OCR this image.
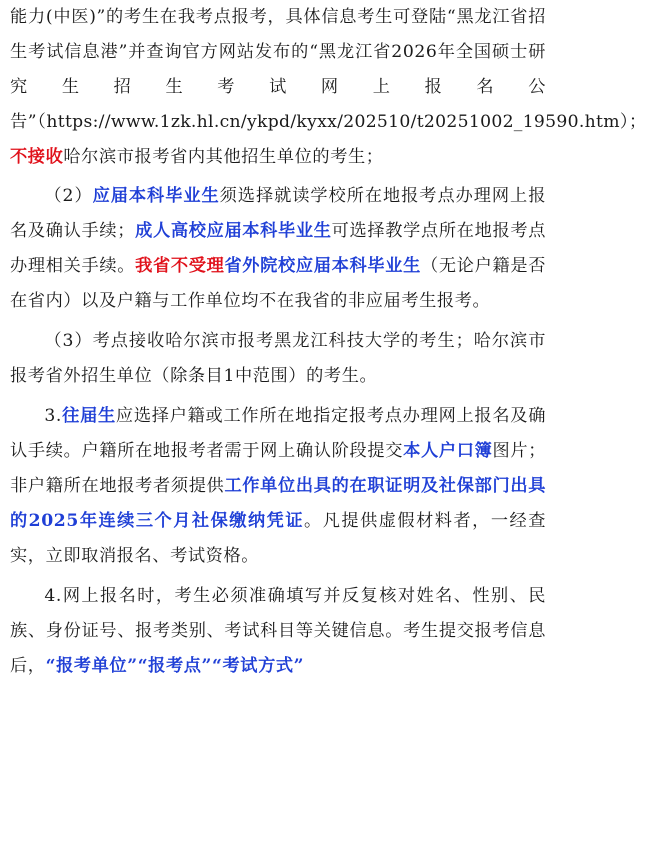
能力(中医)”的考生在我考点报考，具体信息考生可登陆“黑龙江省招生考试信息港”并查询官方网站发布的“黑龙江省2026年全国硕士研究生招生考试网上报名公告”（https://www.1zk.hl.cn/ykpd/kyxx/202510/t20251002_19590.htm）；不接收哈尔滨市报考省内其他招生单位的考生；

（2）应届本科毕业生须选择就读学校所在地报考点办理网上报名及确认手续；成人高校应届本科毕业生可选择教学点所在地报考点办理相关手续。我省不受理省外院校应届本科毕业生（无论户籍是否在省内）以及户籍与工作单位均不在我省的非应届考生报考。

（3）考点接收哈尔滨市报考黑龙江科技大学的考生；哈尔滨市报考省外招生单位（除条目1中范围）的考生。

3.往届生应选择户籍或工作所在地指定报考点办理网上报名及确认手续。户籍所在地报考者需于网上确认阶段提交本人户口簿图片；非户籍所在地报考者须提供工作单位出具的在职证明及社保部门出具的2025年连续三个月社保缴纳凭证。凡提供虚假材料者，一经查实，立即取消报名、考试资格。

4.网上报名时，考生必须准确填写并反复核对姓名、性别、民族、身份证号、报考类别、考试科目等关键信息。考生提交报考信息后，“报考单位”“报考点”“考试方式”
